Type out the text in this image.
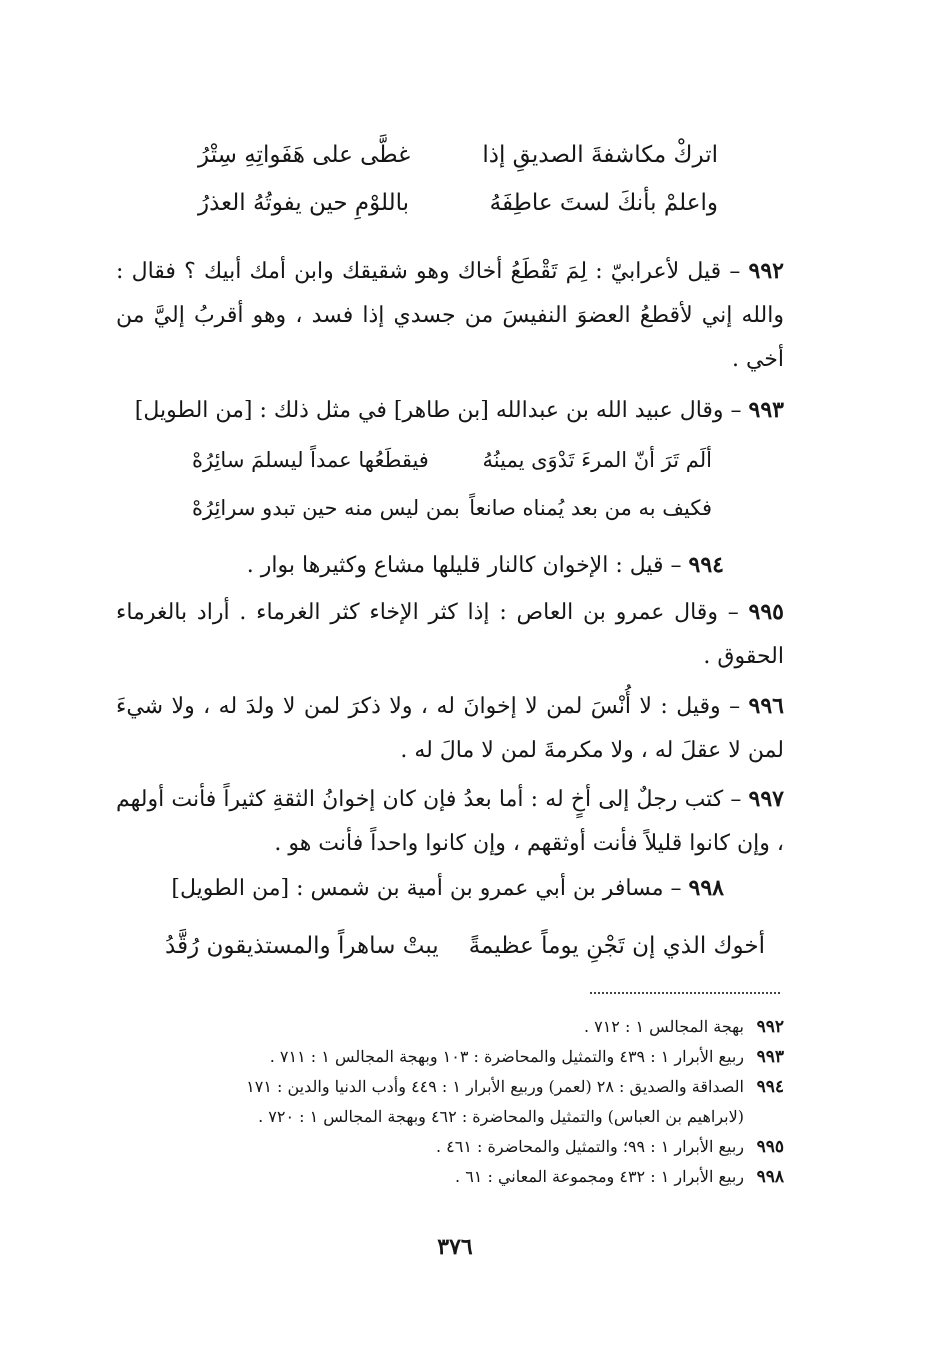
اتركْ مكاشفةَ الصديقِ إذا
غطَّى على هَفَواتِهِ سِتْرُ
واعلمْ بأنكَ لستَ عاطِفَهُ
باللوْمِ حين يفوتُهُ العذرُ
٩٩٢ – قيل لأعرابيّ : لِمَ تَقْطَعُ أخاك وهو شقيقك وابن أمك أبيك ؟ فقال : والله إني لأقطعُ العضوَ النفيسَ من جسدي إذا فسد ، وهو أقربُ إليَّ من أخي .
٩٩٣ – وقال عبيد الله بن عبدالله [بن طاهر] في مثل ذلك : [من الطويل]
ألَم تَرَ أنّ المرءَ تَدْوَى يمينُهُ
فيقطَعُها عمداً ليسلمَ سائِرُهْ
فكيف به من بعد يُمناه صانعاً
بمن ليس منه حين تبدو سرائِرُهْ
٩٩٤ – قيل : الإخوان كالنار قليلها مشاع وكثيرها بوار .
٩٩٥ – وقال عمرو بن العاص : إذا كثر الإخاء كثر الغرماء . أراد بالغرماء الحقوق .
٩٩٦ – وقيل : لا أُنْسَ لمن لا إخوانَ له ، ولا ذكرَ لمن لا ولدَ له ، ولا شيءَ لمن لا عقلَ له ، ولا مكرمةَ لمن لا مالَ له .
٩٩٧ – كتب رجلٌ إلى أخٍ له : أما بعدُ فإن كان إخوانُ الثقةِ كثيراً فأنت أولهم ، وإن كانوا قليلاً فأنت أوثقهم ، وإن كانوا واحداً فأنت هو .
٩٩٨ – مسافر بن أبي عمرو بن أمية بن شمس : [من الطويل]
أخوك الذي إن تَجْنِ يوماً عظيمةً
يبتْ ساهراً والمستذيقون رُقَّدُ
٩٩٢
بهجة المجالس ١ : ٧١٢ .
٩٩٣
ربيع الأبرار ١ : ٤٣٩ والتمثيل والمحاضرة : ١٠٣ وبهجة المجالس ١ : ٧١١ .
٩٩٤
الصداقة والصديق : ٢٨ (لعمر) وربيع الأبرار ١ : ٤٤٩ وأدب الدنيا والدين : ١٧١
(لابراهيم بن العباس) والتمثيل والمحاضرة : ٤٦٢ وبهجة المجالس ١ : ٧٢٠ .
٩٩٥
ربيع الأبرار ١ : ٩٩؛ والتمثيل والمحاضرة : ٤٦١ .
٩٩٨
ربيع الأبرار ١ : ٤٣٢ ومجموعة المعاني : ٦١ .
٣٧٦
